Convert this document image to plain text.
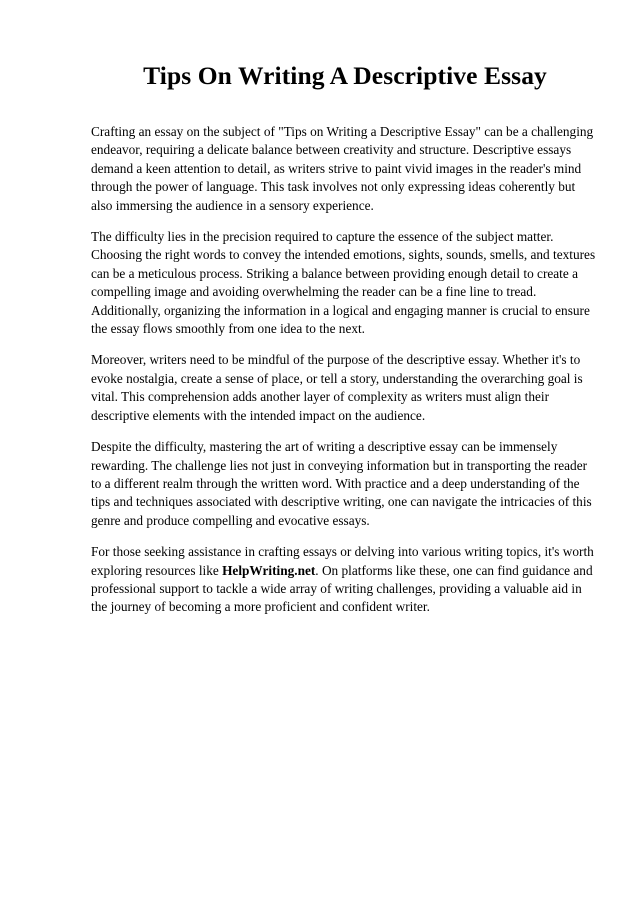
Tips On Writing A Descriptive Essay

Crafting an essay on the subject of "Tips on Writing a Descriptive Essay" can be a challenging endeavor, requiring a delicate balance between creativity and structure. Descriptive essays demand a keen attention to detail, as writers strive to paint vivid images in the reader's mind through the power of language. This task involves not only expressing ideas coherently but also immersing the audience in a sensory experience.

The difficulty lies in the precision required to capture the essence of the subject matter. Choosing the right words to convey the intended emotions, sights, sounds, smells, and textures can be a meticulous process. Striking a balance between providing enough detail to create a compelling image and avoiding overwhelming the reader can be a fine line to tread. Additionally, organizing the information in a logical and engaging manner is crucial to ensure the essay flows smoothly from one idea to the next.

Moreover, writers need to be mindful of the purpose of the descriptive essay. Whether it's to evoke nostalgia, create a sense of place, or tell a story, understanding the overarching goal is vital. This comprehension adds another layer of complexity as writers must align their descriptive elements with the intended impact on the audience.

Despite the difficulty, mastering the art of writing a descriptive essay can be immensely rewarding. The challenge lies not just in conveying information but in transporting the reader to a different realm through the written word. With practice and a deep understanding of the tips and techniques associated with descriptive writing, one can navigate the intricacies of this genre and produce compelling and evocative essays.

For those seeking assistance in crafting essays or delving into various writing topics, it's worth exploring resources like HelpWriting.net. On platforms like these, one can find guidance and professional support to tackle a wide array of writing challenges, providing a valuable aid in the journey of becoming a more proficient and confident writer.
